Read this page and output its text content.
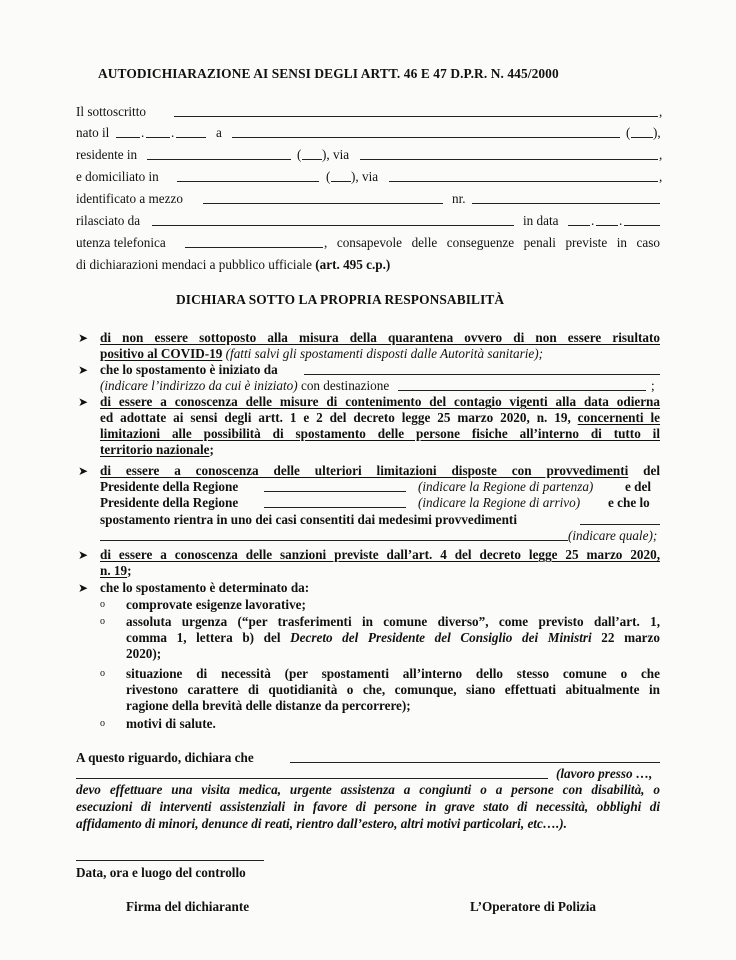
AUTODICHIARAZIONE AI SENSI DEGLI ARTT. 46 E 47 D.P.R. N. 445/2000
Il sottoscritto	,
nato il . .	a	( ),
residente in	( ), via	,
e domiciliato in	( ), via	,
identificato a mezzo	nr.
rilasciato da	in data . .
utenza telefonica	, consapevole delle conseguenze penali previste in caso
di dichiarazioni mendaci a pubblico ufficiale (art. 495 c.p.)
DICHIARA SOTTO LA PROPRIA RESPONSABILITÀ
➤ di non essere sottoposto alla misura della quarantena ovvero di non essere risultato
positivo al COVID-19 (fatti salvi gli spostamenti disposti dalle Autorità sanitarie);
➤ che lo spostamento è iniziato da
(indicare l’indirizzo da cui è iniziato) con destinazione	;
➤ di essere a conoscenza delle misure di contenimento del contagio vigenti alla data odierna
ed adottate ai sensi degli artt. 1 e 2 del decreto legge 25 marzo 2020, n. 19, concernenti le
limitazioni alle possibilità di spostamento delle persone fisiche all’interno di tutto il
territorio nazionale;
➤ di essere a conoscenza delle ulteriori limitazioni disposte con provvedimenti del
Presidente della Regione	(indicare la Regione di partenza) e del
Presidente della Regione	(indicare la Regione di arrivo) e che lo
spostamento rientra in uno dei casi consentiti dai medesimi provvedimenti
(indicare quale);
➤ di essere a conoscenza delle sanzioni previste dall’art. 4 del decreto legge 25 marzo 2020,
n. 19;
➤ che lo spostamento è determinato da:
o comprovate esigenze lavorative;
o assoluta urgenza (“per trasferimenti in comune diverso”, come previsto dall’art. 1,
comma 1, lettera b) del Decreto del Presidente del Consiglio dei Ministri 22 marzo
2020);
o situazione di necessità (per spostamenti all’interno dello stesso comune o che
rivestono carattere di quotidianità o che, comunque, siano effettuati abitualmente in
ragione della brevità delle distanze da percorrere);
o motivi di salute.
A questo riguardo, dichiara che
(lavoro presso …,
devo effettuare una visita medica, urgente assistenza a congiunti o a persone con disabilità, o
esecuzioni di interventi assistenziali in favore di persone in grave stato di necessità, obblighi di
affidamento di minori, denunce di reati, rientro dall’estero, altri motivi particolari, etc….).
Data, ora e luogo del controllo
Firma del dichiarante	L’Operatore di Polizia
